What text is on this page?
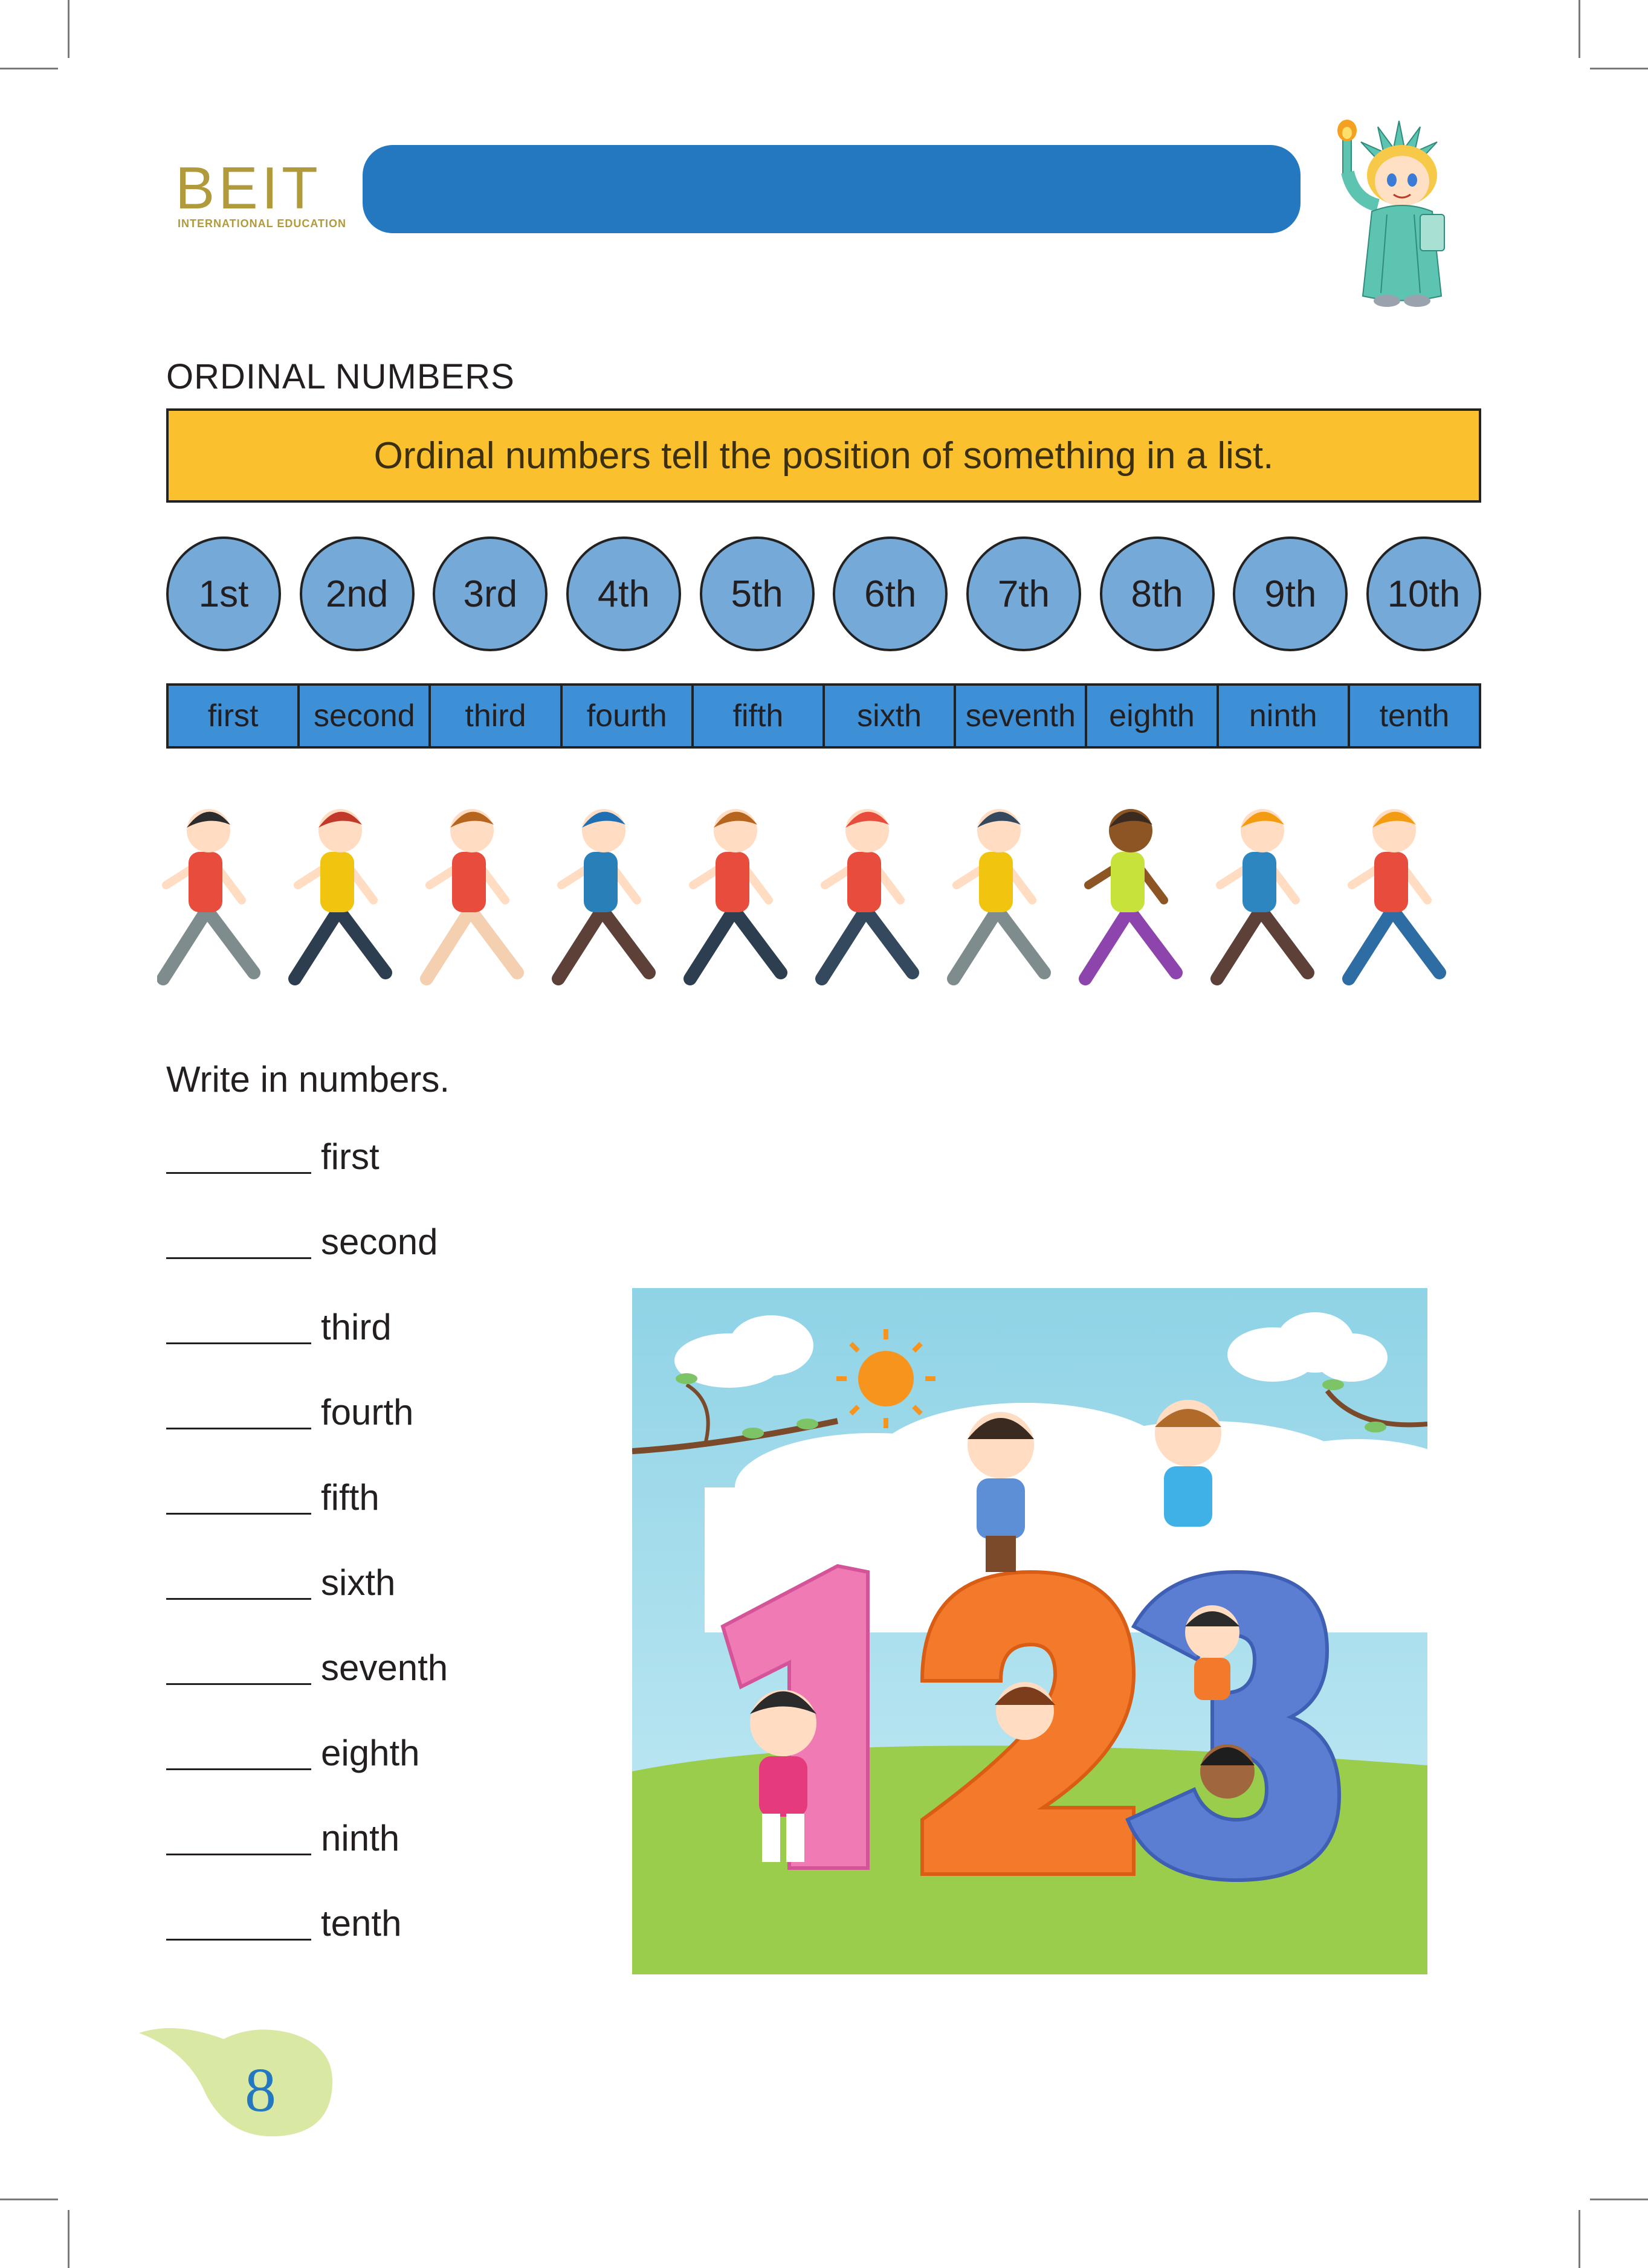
BEIT
INTERNATIONAL EDUCATION
ORDINAL NUMBERS
Ordinal numbers tell the position of something in a list.
1st	2nd	3rd	4th	5th	6th	7th	8th	9th	10th
first	second	third	fourth	fifth	sixth	seventh	eighth	ninth	tenth
Write in numbers.
first
second
third
fourth
fifth
sixth
seventh
eighth
ninth
tenth
8
